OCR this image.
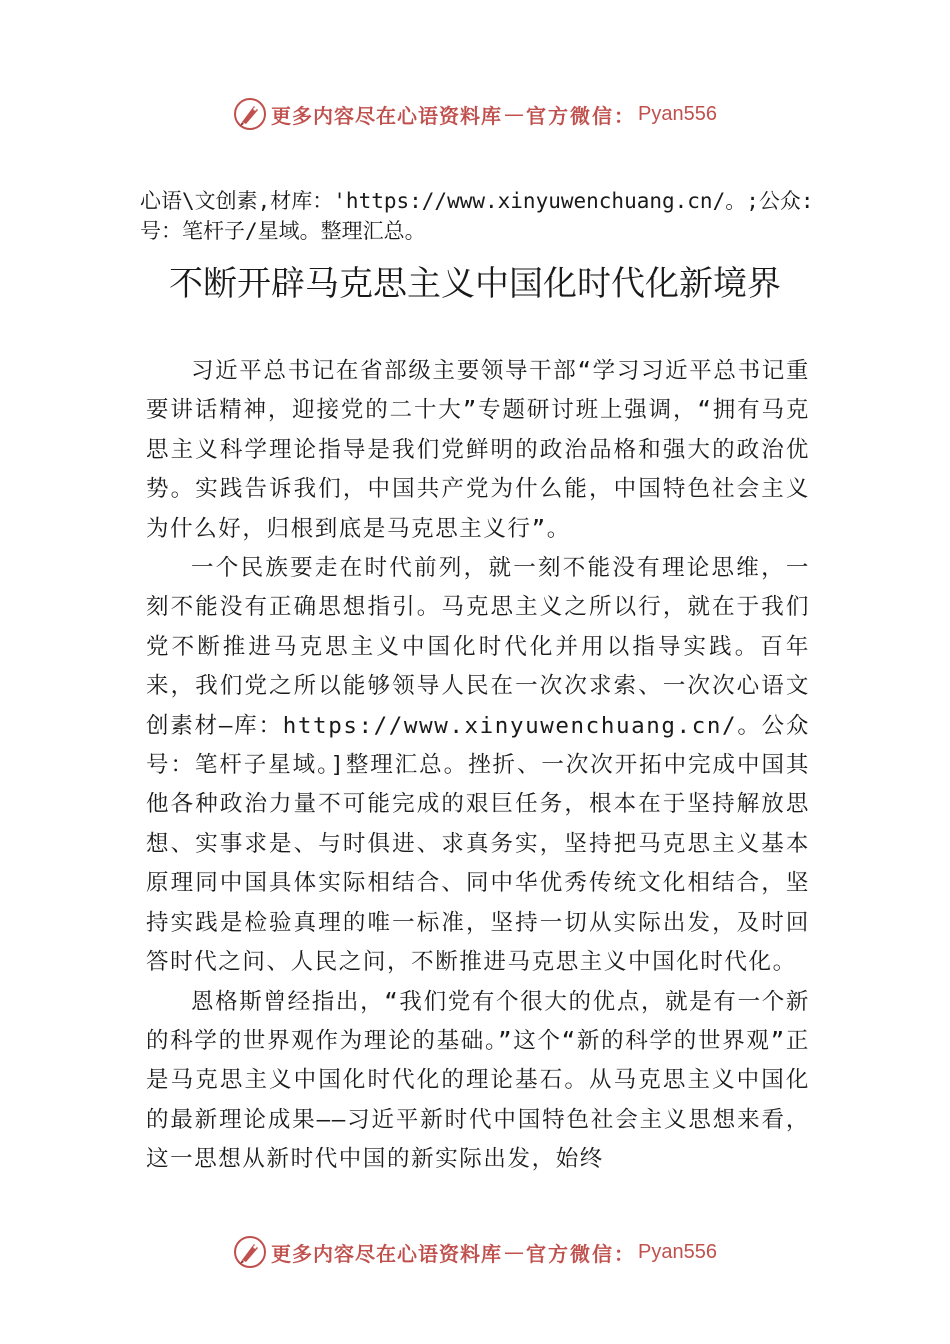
更多内容尽在心语资料库 — 官方微信： Pyan556
心语\文创素,材库：'https://www.xinyuwenchuang.cn/。;公众:号：笔杆子/星域。整理汇总。
不断开辟马克思主义中国化时代化新境界

习近平总书记在省部级主要领导干部“学习习近平总书记重要讲话精神，迎接党的二十大”专题研讨班上强调，“拥有马克思主义科学理论指导是我们党鲜明的政治品格和强大的政治优势。实践告诉我们，中国共产党为什么能，中国特色社会主义为什么好，归根到底是马克思主义行”。

一个民族要走在时代前列，就一刻不能没有理论思维，一刻不能没有正确思想指引。马克思主义之所以行，就在于我们党不断推进马克思主义中国化时代化并用以指导实践。百年来，我们党之所以能够领导人民在一次次求索、一次次心语文创素材—库：https://www.xinyuwenchuang.cn/。公众号：笔杆子星域。]整理汇总。挫折、一次次开拓中完成中国其他各种政治力量不可能完成的艰巨任务，根本在于坚持解放思想、实事求是、与时俱进、求真务实，坚持把马克思主义基本原理同中国具体实际相结合、同中华优秀传统文化相结合，坚持实践是检验真理的唯一标准，坚持一切从实际出发，及时回答时代之问、人民之问，不断推进马克思主义中国化时代化。

恩格斯曾经指出，“我们党有个很大的优点，就是有一个新的科学的世界观作为理论的基础。”这个“新的科学的世界观”正是马克思主义中国化时代化的理论基石。从马克思主义中国化的最新理论成果——习近平新时代中国特色社会主义思想来看，这一思想从新时代中国的新实际出发，始终

更多内容尽在心语资料库 — 官方微信： Pyan556
